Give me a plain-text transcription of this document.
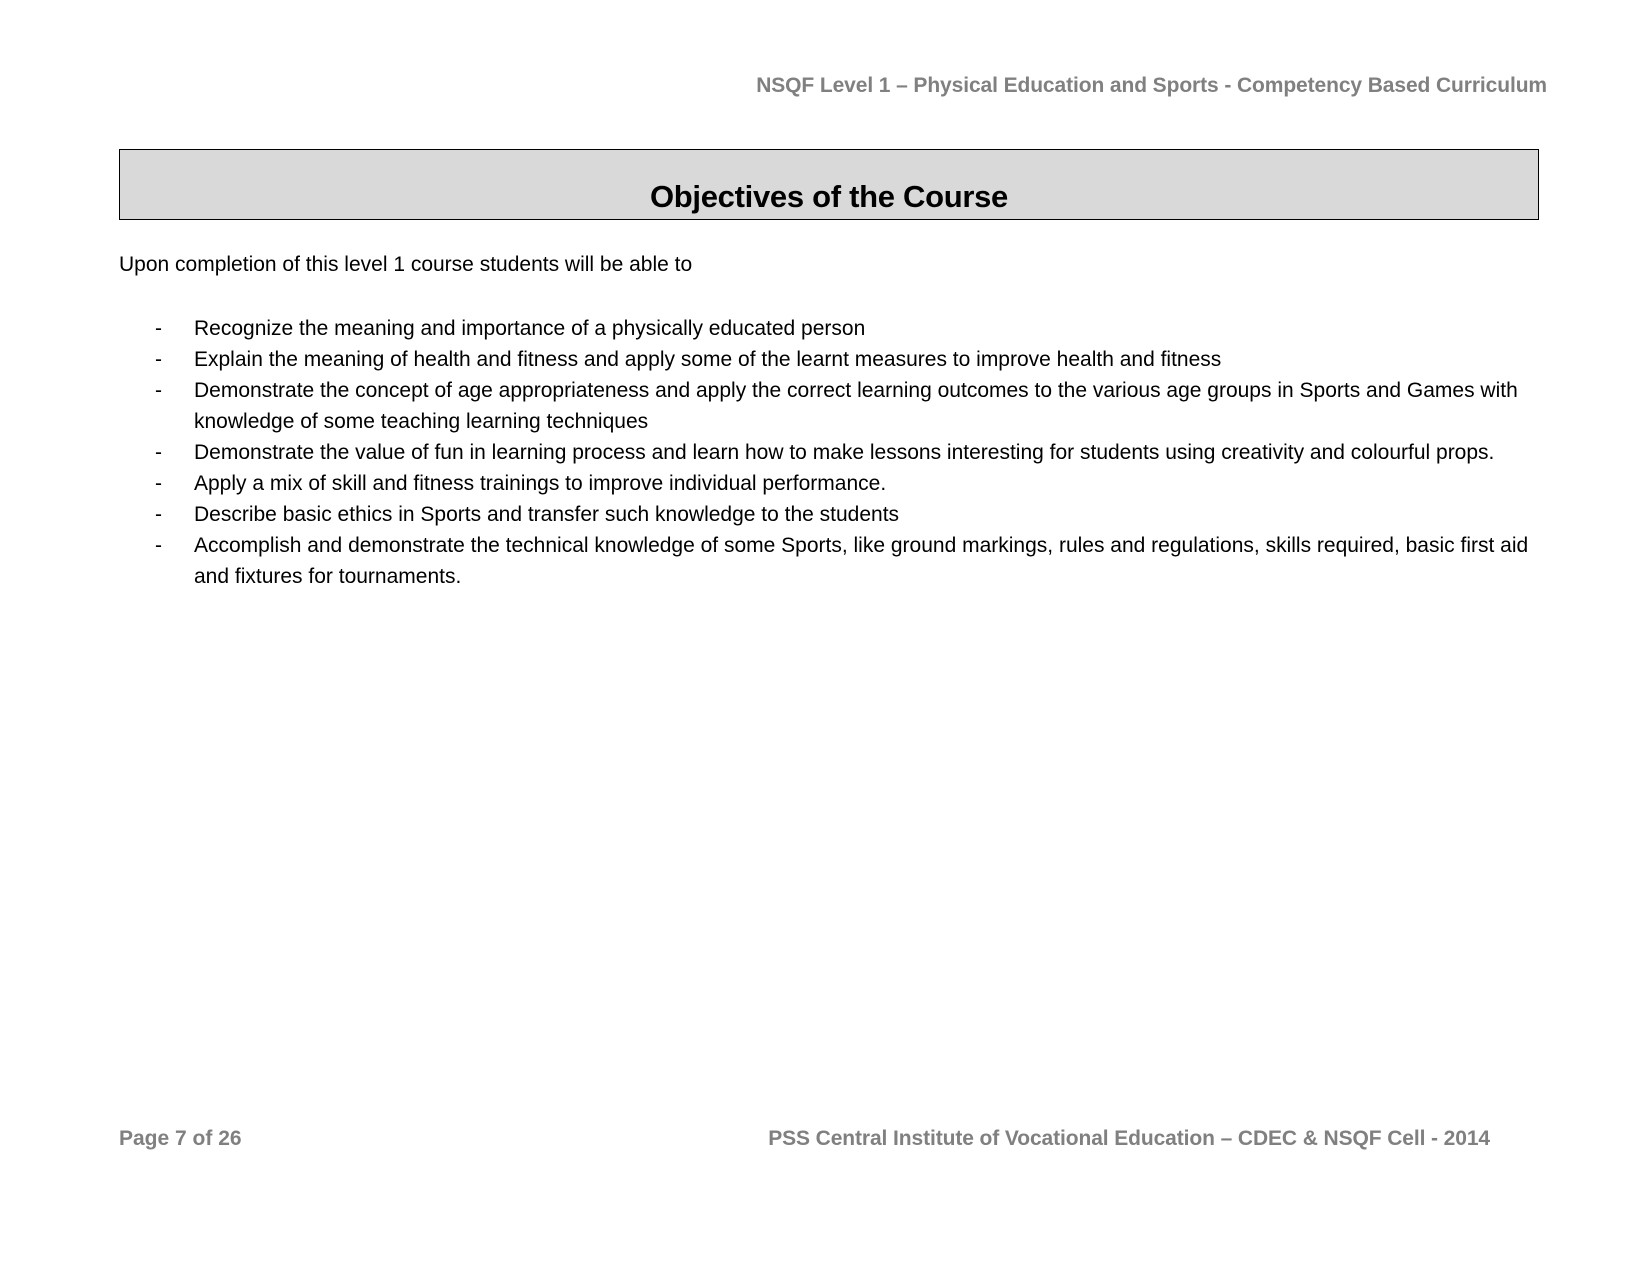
NSQF Level 1 – Physical Education and Sports - Competency Based Curriculum
Objectives of the Course
Upon completion of this level 1 course students will be able to
- Recognize the meaning and importance of a physically educated person
- Explain the meaning of health and fitness and apply some of the learnt measures to improve health and fitness
- Demonstrate the concept of age appropriateness and apply the correct learning outcomes to the various age groups in Sports and Games with knowledge of some teaching learning techniques
- Demonstrate the value of fun in learning process and learn how to make lessons interesting for students using creativity and colourful props.
- Apply a mix of skill and fitness trainings to improve individual performance.
- Describe basic ethics in Sports and transfer such knowledge to the students
- Accomplish and demonstrate the technical knowledge of some Sports, like ground markings, rules and regulations, skills required, basic first aid and fixtures for tournaments.
Page 7 of 26	PSS Central Institute of Vocational Education – CDEC & NSQF Cell - 2014
